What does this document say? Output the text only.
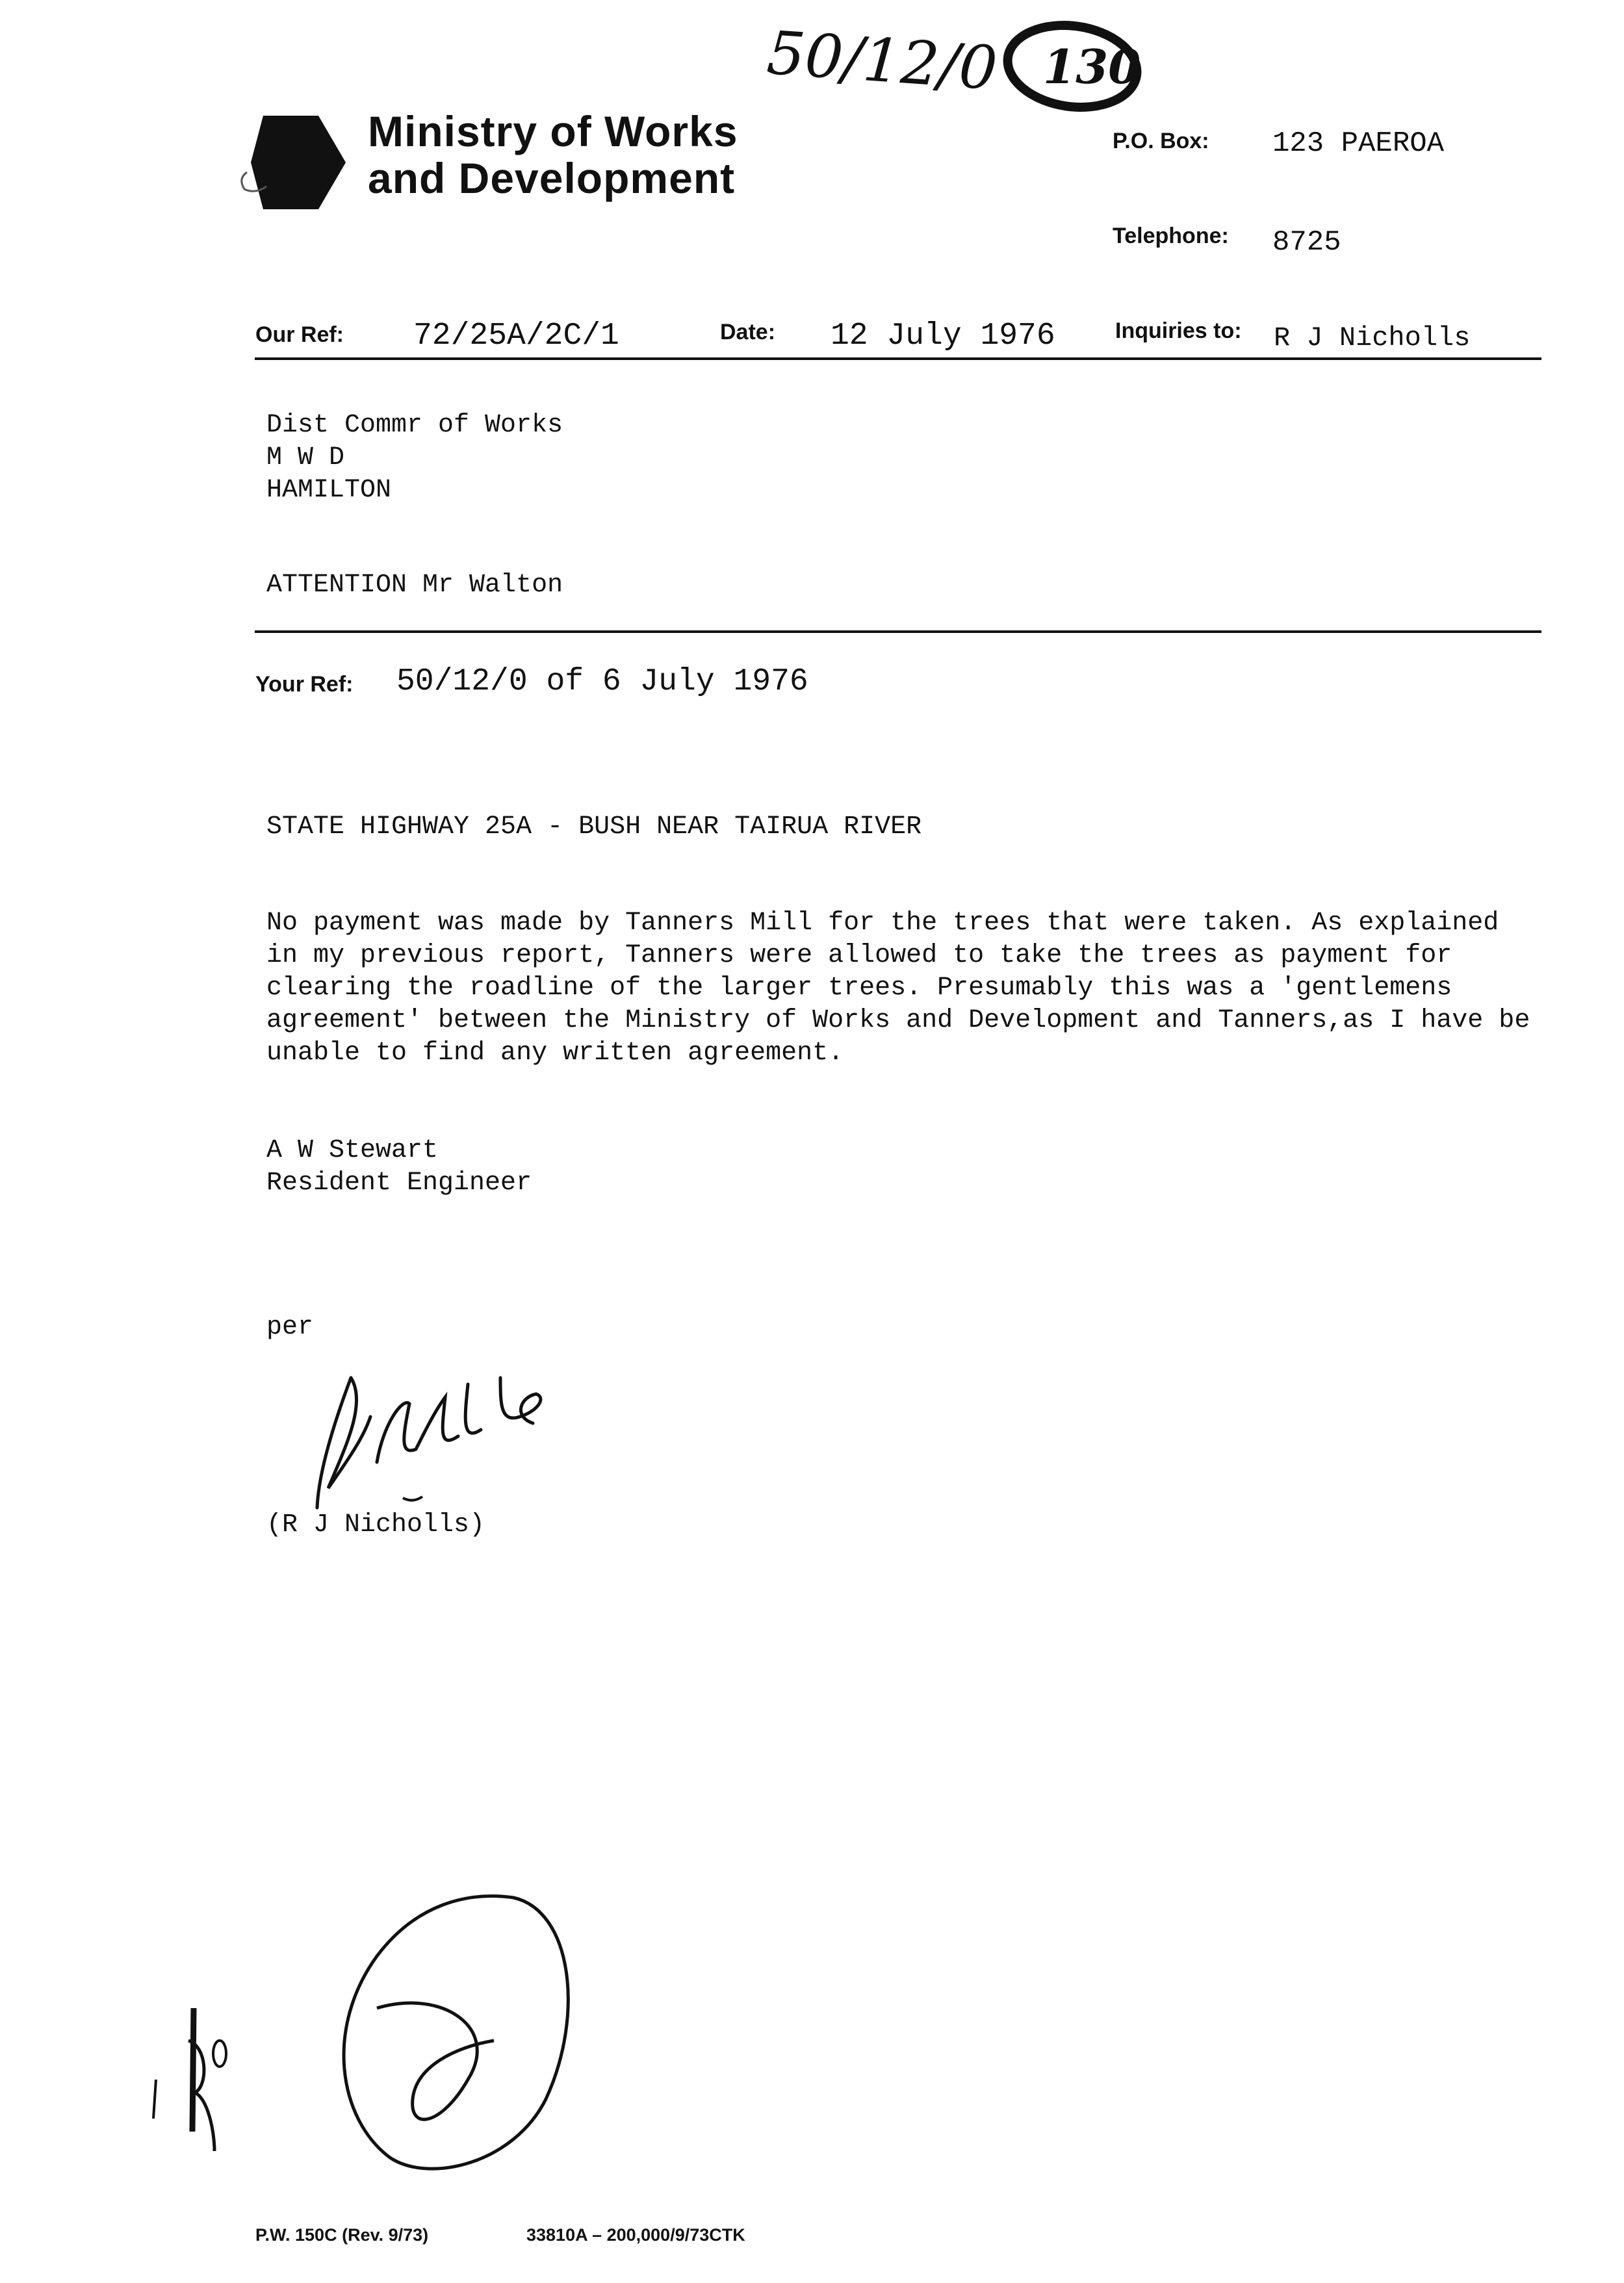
50/12/0 130
Ministry of Works
and Development
P.O. Box: 123 PAEROA
Telephone: 8725
Our Ref: 72/25A/2C/1	Date: 12 July 1976	Inquiries to: R J Nicholls
Dist Commr of Works
M W D
HAMILTON
ATTENTION Mr Walton
Your Ref: 50/12/0 of 6 July 1976
STATE HIGHWAY 25A - BUSH NEAR TAIRUA RIVER
No payment was made by Tanners Mill for the trees that were taken. As explained
in my previous report, Tanners were allowed to take the trees as payment for
clearing the roadline of the larger trees. Presumably this was a 'gentlemens
agreement' between the Ministry of Works and Development and Tanners,as I have be
unable to find any written agreement.
A W Stewart
Resident Engineer
per
(R J Nicholls)
P.W. 150C (Rev. 9/73)	33810A – 200,000/9/73CTK
